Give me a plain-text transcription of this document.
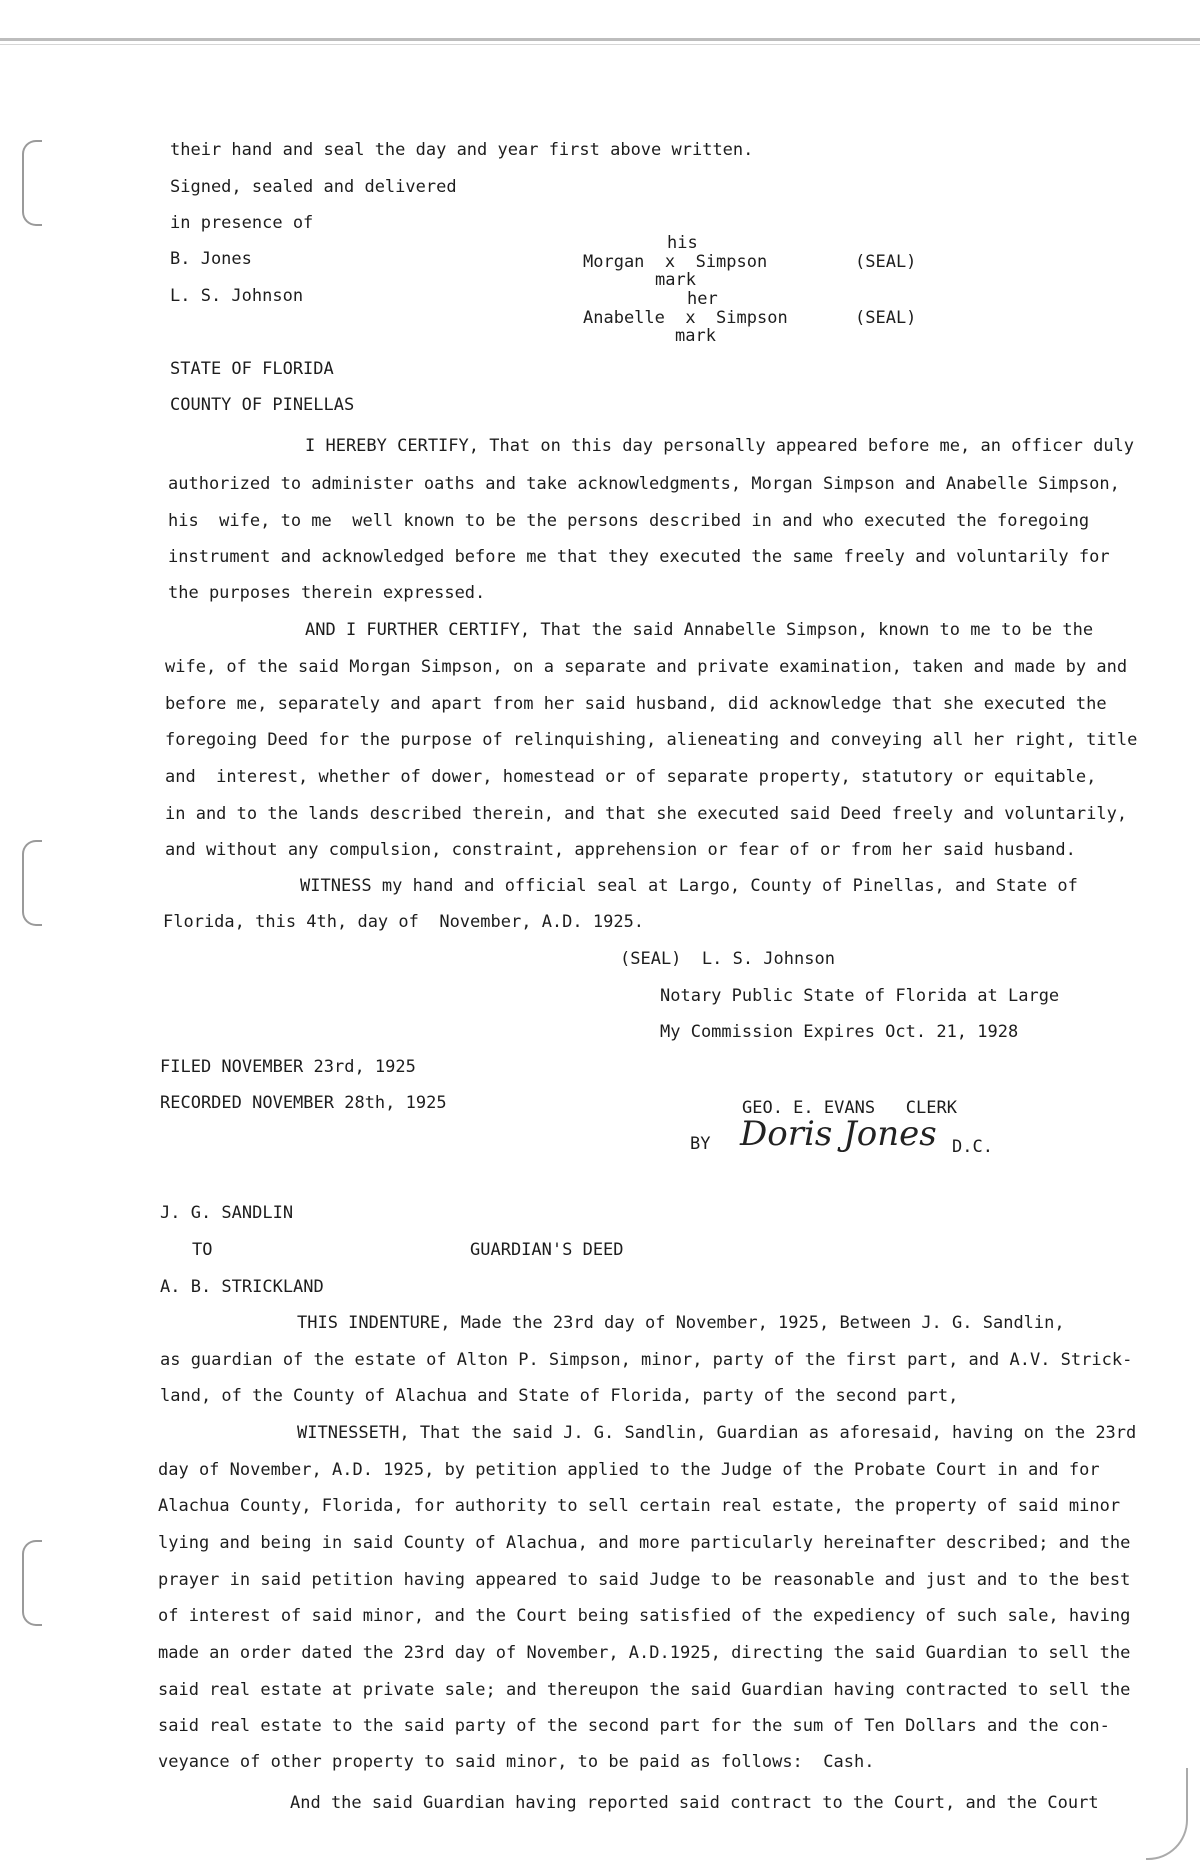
their hand and seal the day and year first above written.
Signed, sealed and delivered
in presence of
B. Jones
L. S. Johnson
his
Morgan  x  Simpson	(SEAL)
mark
her
Anabelle  x  Simpson	(SEAL)
mark
STATE OF FLORIDA
COUNTY OF PINELLAS
I HEREBY CERTIFY, That on this day personally appeared before me, an officer duly
authorized to administer oaths and take acknowledgments, Morgan Simpson and Anabelle Simpson,
his  wife, to me  well known to be the persons described in and who executed the foregoing
instrument and acknowledged before me that they executed the same freely and voluntarily for
the purposes therein expressed.
AND I FURTHER CERTIFY, That the said Annabelle Simpson, known to me to be the
wife, of the said Morgan Simpson, on a separate and private examination, taken and made by and
before me, separately and apart from her said husband, did acknowledge that she executed the
foregoing Deed for the purpose of relinquishing, alieneating and conveying all her right, title
and  interest, whether of dower, homestead or of separate property, statutory or equitable,
in and to the lands described therein, and that she executed said Deed freely and voluntarily,
and without any compulsion, constraint, apprehension or fear of or from her said husband.
WITNESS my hand and official seal at Largo, County of Pinellas, and State of
Florida, this 4th, day of  November, A.D. 1925.
(SEAL)  L. S. Johnson
Notary Public State of Florida at Large
My Commission Expires Oct. 21, 1928
FILED NOVEMBER 23rd, 1925
RECORDED NOVEMBER 28th, 1925	GEO. E. EVANS   CLERK
BY Doris Jones D.C.
J. G. SANDLIN
TO	GUARDIAN'S DEED
A. B. STRICKLAND
THIS INDENTURE, Made the 23rd day of November, 1925, Between J. G. Sandlin,
as guardian of the estate of Alton P. Simpson, minor, party of the first part, and A.V. Strick-
land, of the County of Alachua and State of Florida, party of the second part,
WITNESSETH, That the said J. G. Sandlin, Guardian as aforesaid, having on the 23rd
day of November, A.D. 1925, by petition applied to the Judge of the Probate Court in and for
Alachua County, Florida, for authority to sell certain real estate, the property of said minor
lying and being in said County of Alachua, and more particularly hereinafter described; and the
prayer in said petition having appeared to said Judge to be reasonable and just and to the best
of interest of said minor, and the Court being satisfied of the expediency of such sale, having
made an order dated the 23rd day of November, A.D.1925, directing the said Guardian to sell the
said real estate at private sale; and thereupon the said Guardian having contracted to sell the
said real estate to the said party of the second part for the sum of Ten Dollars and the con-
veyance of other property to said minor, to be paid as follows:  Cash.
And the said Guardian having reported said contract to the Court, and the Court
